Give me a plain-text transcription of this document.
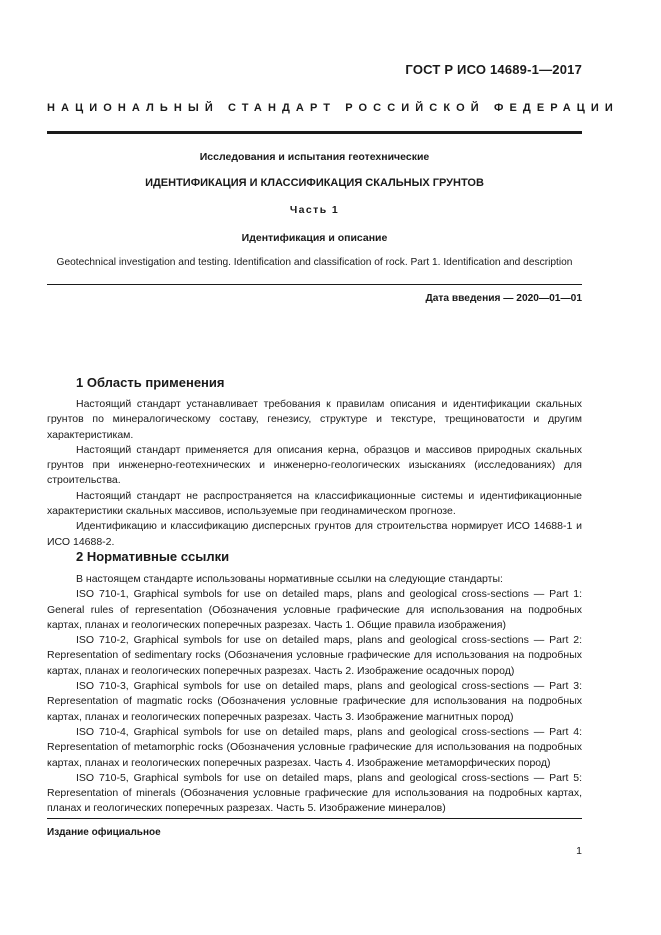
ГОСТ Р ИСО 14689-1—2017
НАЦИОНАЛЬНЫЙ СТАНДАРТ РОССИЙСКОЙ ФЕДЕРАЦИИ
Исследования и испытания геотехнические
ИДЕНТИФИКАЦИЯ И КЛАССИФИКАЦИЯ СКАЛЬНЫХ ГРУНТОВ
Часть 1
Идентификация и описание
Geotechnical investigation and testing. Identification and classification of rock. Part 1. Identification and description
Дата введения — 2020—01—01
1 Область применения

Настоящий стандарт устанавливает требования к правилам описания и идентификации скальных грунтов по минералогическому составу, генезису, структуре и текстуре, трещиноватости и другим характеристикам.

Настоящий стандарт применяется для описания керна, образцов и массивов природных скальных грунтов при инженерно-геотехнических и инженерно-геологических изысканиях (исследованиях) для строительства.

Настоящий стандарт не распространяется на классификационные системы и идентификационные характеристики скальных массивов, используемые при геодинамическом прогнозе.

Идентификацию и классификацию дисперсных грунтов для строительства нормирует ИСО 14688-1 и ИСО 14688-2.

2 Нормативные ссылки

В настоящем стандарте использованы нормативные ссылки на следующие стандарты:

ISO 710-1, Graphical symbols for use on detailed maps, plans and geological cross-sections — Part 1: General rules of representation (Обозначения условные графические для использования на подробных картах, планах и геологических поперечных разрезах. Часть 1. Общие правила изображения)

ISO 710-2, Graphical symbols for use on detailed maps, plans and geological cross-sections — Part 2: Representation of sedimentary rocks (Обозначения условные графические для использования на подробных картах, планах и геологических поперечных разрезах. Часть 2. Изображение осадочных пород)

ISO 710-3, Graphical symbols for use on detailed maps, plans and geological cross-sections — Part 3: Representation of magmatic rocks (Обозначения условные графические для использования на подробных картах, планах и геологических поперечных разрезах. Часть 3. Изображение магнитных пород)

ISO 710-4, Graphical symbols for use on detailed maps, plans and geological cross-sections — Part 4: Representation of metamorphic rocks (Обозначения условные графические для использования на подробных картах, планах и геологических поперечных разрезах. Часть 4. Изображение метаморфических пород)

ISO 710-5, Graphical symbols for use on detailed maps, plans and geological cross-sections — Part 5: Representation of minerals (Обозначения условные графические для использования на подробных картах, планах и геологических поперечных разрезах. Часть 5. Изображение минералов)

Издание официальное
1
